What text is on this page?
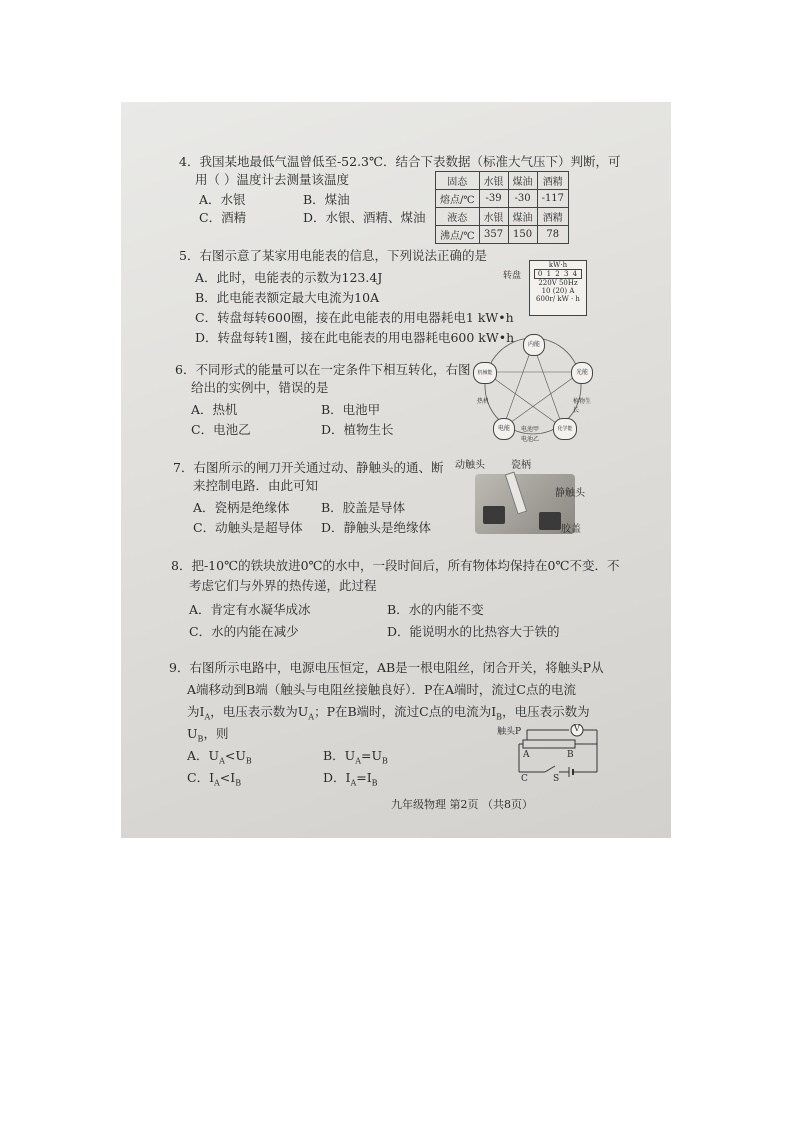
4．我国某地最低气温曾低至-52.3℃．结合下表数据（标准大气压下）判断，可
用（ ）温度计去测量该温度
A．水银	B．煤油
C．酒精	D．水银、酒精、煤油
固态	水银	煤油	酒精
熔点/℃	-39	-30	-117
液态	水银	煤油	酒精
沸点/℃	357	150	78
5．右图示意了某家用电能表的信息，下列说法正确的是
A．此时，电能表的示数为123.4J
B．此电能表额定最大电流为10A
C．转盘每转600圈，接在此电能表的用电器耗电1 kW•h
D．转盘每转1圈，接在此电能表的用电器耗电600 kW•h
转盘
kW·h
0 1 2 3 4
220V 50Hz
10 (20) A
600r/ kW · h
6．不同形式的能量可以在一定条件下相互转化，右图
给出的实例中，错误的是
A．热机	B．电池甲
C．电池乙	D．植物生长
内能
机械能	光能
电能	化学能
热机	植物生长
电池甲
电池乙
7．右图所示的闸刀开关通过动、静触头的通、断
来控制电路．由此可知
A．瓷柄是绝缘体	B．胶盖是导体
C．动触头是超导体 D．静触头是绝缘体
动触头	瓷柄
静触头
胶盖
8．把-10℃的铁块放进0℃的水中，一段时间后，所有物体均保持在0℃不变．不
考虑它们与外界的热传递，此过程
A．肯定有水凝华成冰	B．水的内能不变
C．水的内能在减少	D．能说明水的比热容大于铁的
9．右图所示电路中，电源电压恒定，AB是一根电阻丝，闭合开关，将触头P从
A端移动到B端（触头与电阻丝接触良好）．P在A端时，流过C点的电流
为$I_A$，电压表示数为$U_A$；P在B端时，流过C点的电流为$I_B$，电压表示数为
$U_B$，则
A．$U_A<U_B$	B．$U_A=U_B$
C．$I_A<I_B$	D．$I_A=I_B$
触头P	V
A	B
C	S
九年级物理 第2页 （共8页）
